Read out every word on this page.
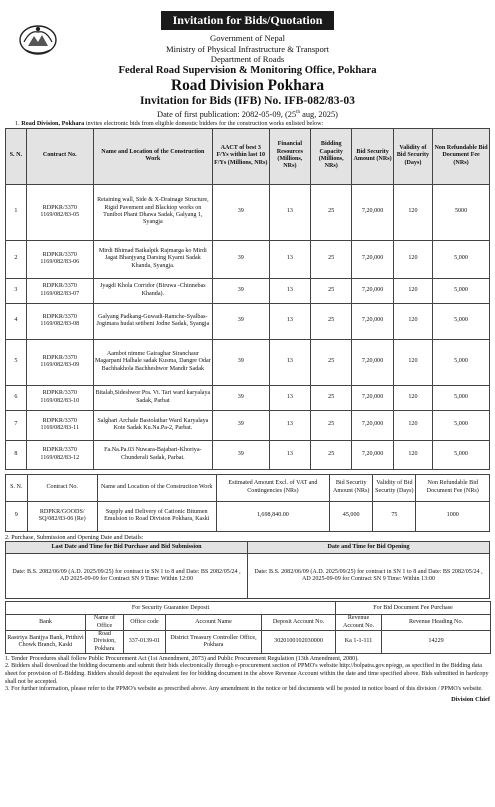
Invitation for Bids/Quotation
Government of Nepal
Ministry of Physical Infrastructure & Transport
Department of Roads
Federal Road Supervision & Monitoring Office, Pokhara
Road Division Pokhara
Invitation for Bids (IFB) No. IFB-082/83-03
Date of first publication: 2082-05-09, (25th aug, 2025)
1. Road Division, Pokhara invites electronic bids from eligible domestic bidders for the construction works enlisted below:
S. N.	Contract No.	Name and Location of the Construction Work	AACT of best 3 F/Ys within last 10 F/Ys (Millions, NRs)	Financial Resources (Millions, NRs)	Bidding Capacity (Millions, NRs)	Bid Security Amount (NRs)	Validity of Bid Security (Days)	Non Refundable Bid Document Fee (NRs)
1	RDPKR/3370 1169/082/83-05	Retaining wall, Side & X-Drainage Structure, Rigid Pavement and Blacktop works on Tunibot Phant Dhawa Sadak, Galyang 1, Syangja	39	13	25	7,20,000	120	5000
2	RDPKR/3370 1169/082/83-06	Mirdi Bhimad Baikalpik Rajmarga ko Mirdi Jagat Bhanjyang Darsing Kyami Sadak Khanda, Syangja.	39	13	25	7,20,000	120	5,000
3	RDPKR/3370 1169/082/83-07	Jyagdi Khola Corridor (Biruwa -Chinnebas Khanda).	39	13	25	7,20,000	120	5,000
4	RDPKR/3370 1169/082/83-08	Galyang Padkang-Guwadi-Ramche-Syalbas-Jogimara hudai setibeni Jodne Sadak, Syangja	39	13	25	7,20,000	120	5,000
5	RDPKR/3370 1169/082/83-09	Aambot nimme Gairaghar Siranchaur Magarpani Halhale sadak Kusma, Dangre Odar Bachhakhola Bachheshwor Mandir Sadak	39	13	25	7,20,000	120	5,000
6	RDPKR/3370 1169/082/83-10	Bitalab,Sideshwor Pra. Vi. Tari ward karyalaya Sadak, Parbat	39	13	25	7,20,000	120	5,000
7	RDPKR/3370 1169/082/83-11	Salghari Archale Bastolathar Ward Karyalaya Kote Sadak Ku.Na.Pa-2, Parbat.	39	13	25	7,20,000	120	5,000
8	RDPKR/3370 1169/082/83-12	Fa.Na.Pa.03 Nuwara-Bajabari-Khoriya-Chunderali Sadak, Parbat.	39	13	25	7,20,000	120	5,000
S. N.	Contract No.	Name and Location of the Construction Work	Estimated Amount Excl. of VAT and Contingencies (NRs)	Bid Security Amount (NRs)	Validity of Bid Security (Days)	Non Refundable Bid Document Fee (NRs)
9	RDPKR/GOODS/ SQ/082/83-06 (Re)	Supply and Delivery of Cationic Bitumen Emulsion to Road Division Pokhara, Kaski	1,698,840.00	45,000	75	1000
2. Purchase, Submission and Opening Date and Details:
Last Date and Time for Bid Purchase and Bid Submission	Date and Time for Bid Opening
Date: B.S. 2082/06/09 (A.D. 2025/09/25) for contract in SN 1 to 8 and Date: BS 2082/05/24 , AD 2025-09-09 for Contract SN 9 Time: Within 12:00	Date: B.S. 2082/06/09 (A.D. 2025/09/25) for contract in SN 1 to 8 and Date: BS 2082/05/24 , AD 2025-09-09 for Contract SN 9 Time: Within 13:00
For Security Guarantee Deposit					For Bid Document Fee Purchase	
Bank	Name of Office	Office code	Account Name	Deposit Account No.	Revenue Account No.	Revenue Heading No.
Rastriya Banijya Bank, Prithivi Chowk Branch, Kaski	Road Division, Pokhara	337-0139-01	District Treasury Controller Office, Pokhara	3020100102030000	Ka 1-1-111	14229
1. Tender Procedures shall follow Public Procurement Act (1st Amendment, 2073) and Public Procurement Regulation (13th Amendment, 2080).
2. Bidders shall download the bidding documents and submit their bids electronically through e-procurement section of PPMO's website http://bolpatra.gov.np/egp, as specified in the Bidding data sheet for provision of E-Bidding. Bidders should deposit the equivalent fee for bidding document in the above Revenue Account within the date and time specified above. Bids submitted in hardcopy shall not be accepted.
3. For further information, please refer to the PPMO's website as prescribed above. Any amendment in the notice or bid documents will be posted in notice board of this division / PPMO's website.
Division Chief
